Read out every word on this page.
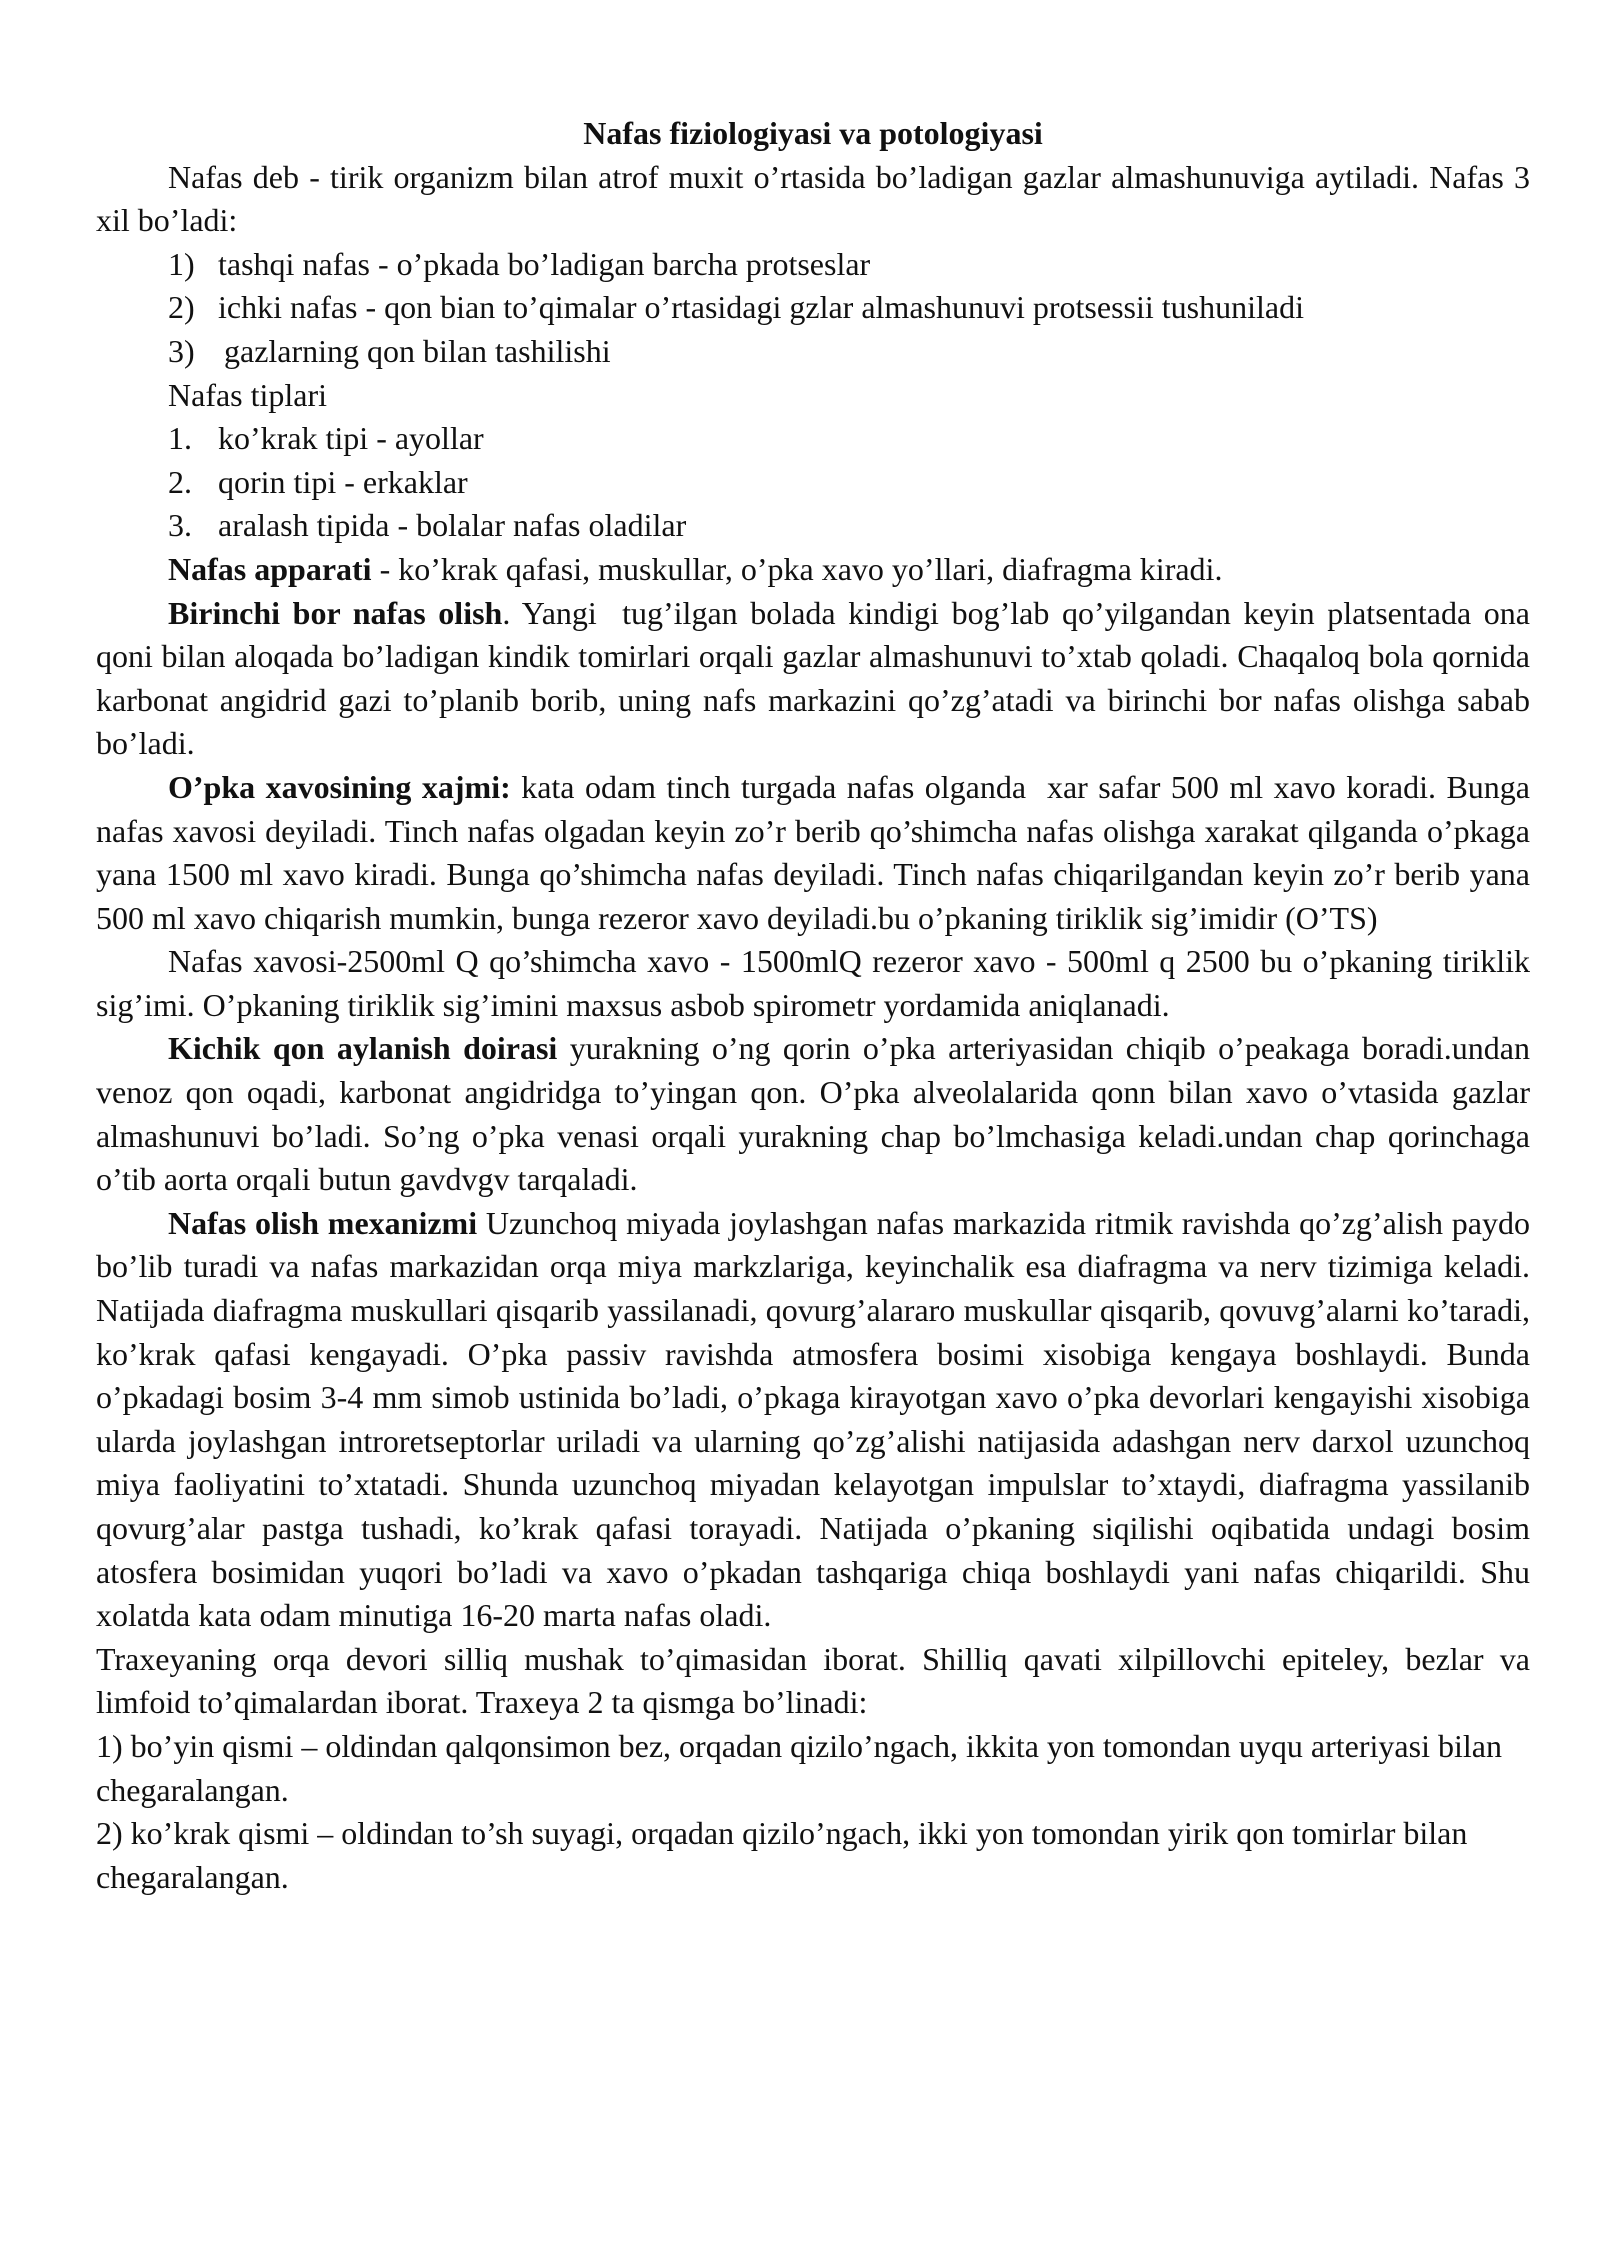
Nafas fiziologiyasi va potologiyasi

Nafas deb - tirik organizm bilan atrof muxit o’rtasida bo’ladigan gazlar almashunuviga aytiladi. Nafas 3 xil bo’ladi:

1) tashqi nafas - o’pkada bo’ladigan barcha protseslar
2) ichki nafas - qon bian to’qimalar o’rtasidagi gzlar almashunuvi protsessii tushuniladi
3) gazlarning qon bilan tashilishi

Nafas tiplari

1. ko’krak tipi - ayollar
2. qorin tipi - erkaklar
3. aralash tipida - bolalar nafas oladilar

Nafas apparati - ko’krak qafasi, muskullar, o’pka xavo yo’llari, diafragma kiradi.

Birinchi bor nafas olish. Yangi  tug’ilgan bolada kindigi bog’lab qo’yilgandan keyin platsentada ona qoni bilan aloqada bo’ladigan kindik tomirlari orqali gazlar almashunuvi to’xtab qoladi. Chaqaloq bola qornida karbonat angidrid gazi to’planib borib, uning nafs markazini qo’zg’atadi va birinchi bor nafas olishga sabab bo’ladi.

O’pka xavosining xajmi: kata odam tinch turgada nafas olganda  xar safar 500 ml xavo koradi. Bunga nafas xavosi deyiladi. Tinch nafas olgadan keyin zo’r berib qo’shimcha nafas olishga xarakat qilganda o’pkaga yana 1500 ml xavo kiradi. Bunga qo’shimcha nafas deyiladi. Tinch nafas chiqarilgandan keyin zo’r berib yana 500 ml xavo chiqarish mumkin, bunga rezeror xavo deyiladi.bu o’pkaning tiriklik sig’imidir (O’TS)

Nafas xavosi-2500ml Q qo’shimcha xavo - 1500mlQ rezeror xavo - 500ml q 2500 bu o’pkaning tiriklik sig’imi. O’pkaning tiriklik sig’imini maxsus asbob spirometr yordamida aniqlanadi.

Kichik qon aylanish doirasi yurakning o’ng qorin o’pka arteriyasidan chiqib o’peakaga boradi.undan venoz qon oqadi, karbonat angidridga to’yingan qon. O’pka alveolalarida qonn bilan xavo o’vtasida gazlar almashunuvi bo’ladi. So’ng o’pka venasi orqali yurakning chap bo’lmchasiga keladi.undan chap qorinchaga o’tib aorta orqali butun gavdvgv tarqaladi.

Nafas olish mexanizmi Uzunchoq miyada joylashgan nafas markazida ritmik ravishda qo’zg’alish paydo bo’lib turadi va nafas markazidan orqa miya markzlariga, keyinchalik esa diafragma va nerv tizimiga keladi.  Natijada diafragma muskullari qisqarib yassilanadi, qovurg’alararo muskullar qisqarib, qovuvg’alarni ko’taradi, ko’krak qafasi kengayadi. O’pka passiv ravishda atmosfera bosimi xisobiga kengaya boshlaydi. Bunda o’pkadagi bosim 3-4 mm simob ustinida bo’ladi, o’pkaga kirayotgan xavo o’pka devorlari kengayishi xisobiga ularda joylashgan introretseptorlar uriladi va ularning qo’zg’alishi natijasida adashgan nerv darxol uzunchoq miya faoliyatini to’xtatadi. Shunda uzunchoq miyadan kelayotgan impulslar to’xtaydi, diafragma yassilanib qovurg’alar pastga tushadi, ko’krak qafasi torayadi. Natijada o’pkaning siqilishi oqibatida undagi bosim atosfera bosimidan yuqori bo’ladi va xavo o’pkadan tashqariga chiqa boshlaydi yani nafas chiqarildi. Shu xolatda kata odam minutiga 16-20 marta nafas oladi.

Traxeyaning orqa devori silliq mushak to’qimasidan iborat. Shilliq qavati xilpillovchi epiteley, bezlar va limfoid to’qimalardan iborat. Traxeya 2 ta qismga bo’linadi:

1) bo’yin qismi – oldindan qalqonsimon bez, orqadan qizilo’ngach, ikkita yon tomondan uyqu arteriyasi bilan chegaralangan.

2) ko’krak qismi – oldindan to’sh suyagi, orqadan qizilo’ngach, ikki yon tomondan yirik qon tomirlar bilan chegaralangan.
